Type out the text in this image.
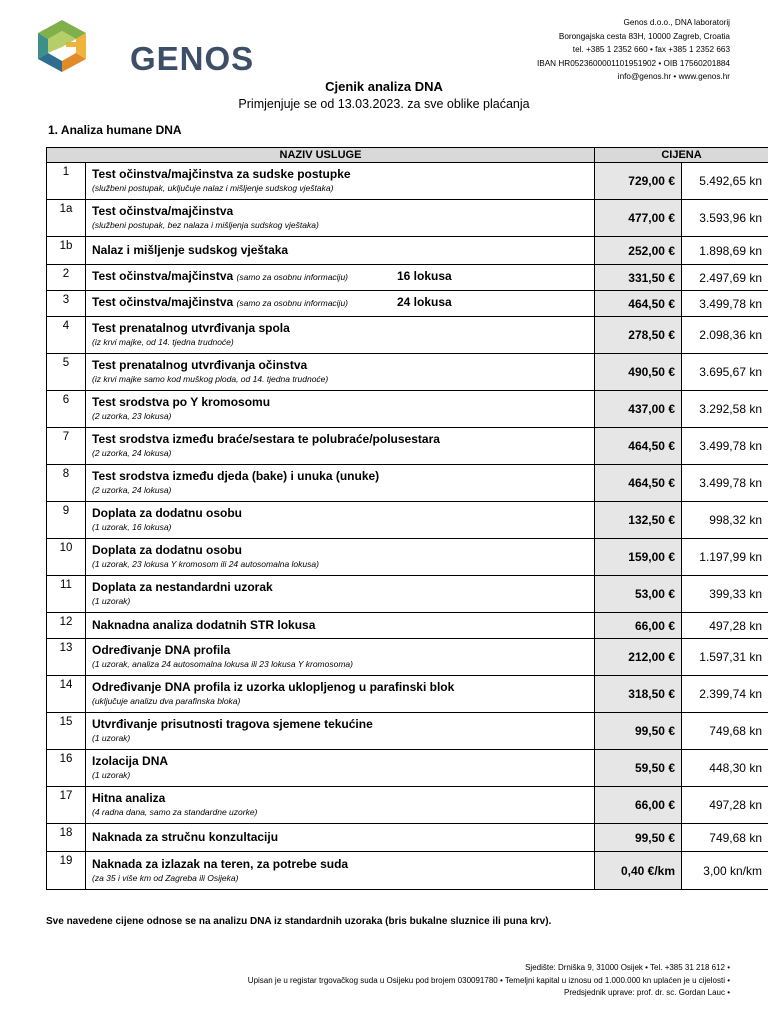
GENOS
Genos d.o.o., DNA laboratorij
Borongajska cesta 83H, 10000 Zagreb, Croatia
tel. +385 1 2352 660 • fax +385 1 2352 663
IBAN HR0523600001101951902 • OIB 17560201884
info@genos.hr • www.genos.hr
Cjenik analiza DNA
Primjenjuje se od 13.03.2023. za sve oblike plaćanja
1. Analiza humane DNA
NAZIV USLUGE		CIJENA	
1	Test očinstva/majčinstva za sudske postupke
(službeni postupak, uključuje nalaz i mišljenje sudskog vještaka)	729,00 €	5.492,65 kn
1a	Test očinstva/majčinstva
(službeni postupak, bez nalaza i mišljenja sudskog vještaka)	477,00 €	3.593,96 kn
1b	Nalaz i mišljenje sudskog vještaka	252,00 €	1.898,69 kn
2	Test očinstva/majčinstva (samo za osobnu informaciju) 16 lokusa	331,50 €	2.497,69 kn
3	Test očinstva/majčinstva (samo za osobnu informaciju) 24 lokusa	464,50 €	3.499,78 kn
4	Test prenatalnog utvrđivanja spola
(iz krvi majke, od 14. tjedna trudnoće)	278,50 €	2.098,36 kn
5	Test prenatalnog utvrđivanja očinstva
(iz krvi majke samo kod muškog ploda, od 14. tjedna trudnoće)	490,50 €	3.695,67 kn
6	Test srodstva po Y kromosomu
(2 uzorka, 23 lokusa)	437,00 €	3.292,58 kn
7	Test srodstva između braće/sestara te polubraće/polusestara
(2 uzorka, 24 lokusa)	464,50 €	3.499,78 kn
8	Test srodstva između djeda (bake) i unuka (unuke)
(2 uzorka, 24 lokusa)	464,50 €	3.499,78 kn
9	Doplata za dodatnu osobu
(1 uzorak, 16 lokusa)	132,50 €	998,32 kn
10	Doplata za dodatnu osobu
(1 uzorak, 23 lokusa Y kromosom ili 24 autosomalna lokusa)	159,00 €	1.197,99 kn
11	Doplata za nestandardni uzorak
(1 uzorak)	53,00 €	399,33 kn
12	Naknadna analiza dodatnih STR lokusa	66,00 €	497,28 kn
13	Određivanje DNA profila
(1 uzorak, analiza 24 autosomalna lokusa ili 23 lokusa Y kromosoma)	212,00 €	1.597,31 kn
14	Određivanje DNA profila iz uzorka uklopljenog u parafinski blok
(uključuje analizu dva parafinska bloka)	318,50 €	2.399,74 kn
15	Utvrđivanje prisutnosti tragova sjemene tekućine
(1 uzorak)	99,50 €	749,68 kn
16	Izolacija DNA
(1 uzorak)	59,50 €	448,30 kn
17	Hitna analiza
(4 radna dana, samo za standardne uzorke)	66,00 €	497,28 kn
18	Naknada za stručnu konzultaciju	99,50 €	749,68 kn
19	Naknada za izlazak na teren, za potrebe suda
(za 35 i više km od Zagreba ili Osijeka)	0,40 €/km	3,00 kn/km
Sve navedene cijene odnose se na analizu DNA iz standardnih uzoraka (bris bukalne sluznice ili puna krv).
Sjedište: Drniška 9, 31000 Osijek • Tel. +385 31 218 612 •
Upisan je u registar trgovačkog suda u Osijeku pod brojem 030091780 • Temeljni kapital u iznosu od 1.000.000 kn uplaćen je u cijelosti •
Predsjednik uprave: prof. dr. sc. Gordan Lauc •
